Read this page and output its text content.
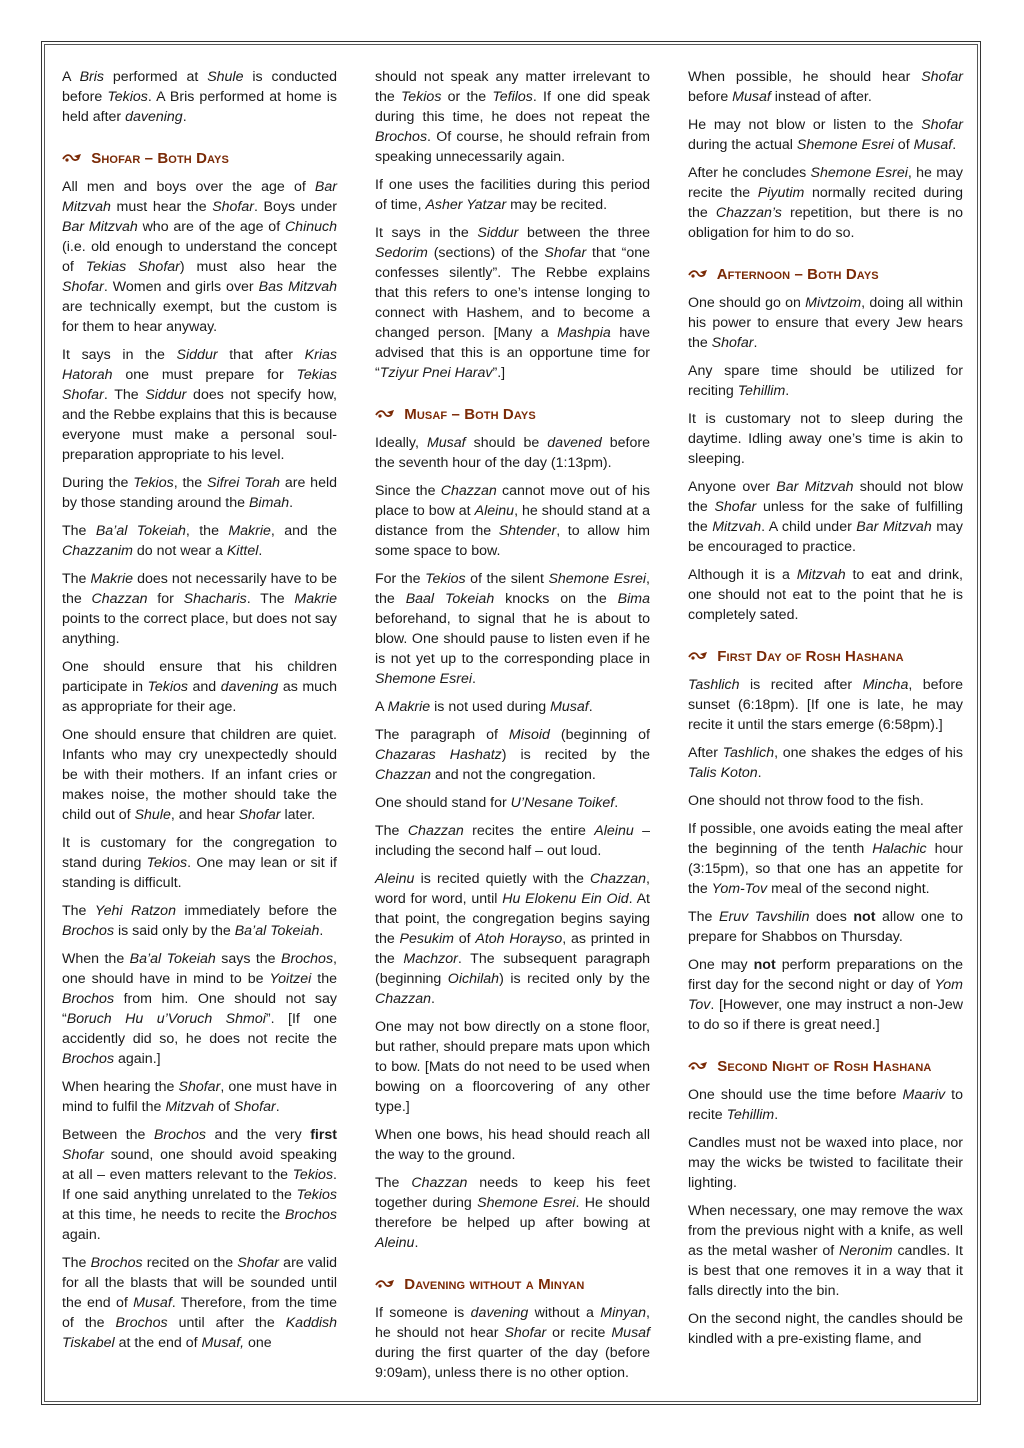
A Bris performed at Shule is conducted before Tekios. A Bris performed at home is held after davening.

Shofar – Both Days

All men and boys over the age of Bar Mitzvah must hear the Shofar. Boys under Bar Mitzvah who are of the age of Chinuch (i.e. old enough to understand the concept of Tekias Shofar) must also hear the Shofar. Women and girls over Bas Mitzvah are technically exempt, but the custom is for them to hear anyway.

It says in the Siddur that after Krias Hatorah one must prepare for Tekias Shofar. The Siddur does not specify how, and the Rebbe explains that this is because everyone must make a personal soul-preparation appropriate to his level.

During the Tekios, the Sifrei Torah are held by those standing around the Bimah.

The Ba’al Tokeiah, the Makrie, and the Chazzanim do not wear a Kittel.

The Makrie does not necessarily have to be the Chazzan for Shacharis. The Makrie points to the correct place, but does not say anything.

One should ensure that his children participate in Tekios and davening as much as appropriate for their age.

One should ensure that children are quiet. Infants who may cry unexpectedly should be with their mothers. If an infant cries or makes noise, the mother should take the child out of Shule, and hear Shofar later.

It is customary for the congregation to stand during Tekios. One may lean or sit if standing is difficult.

The Yehi Ratzon immediately before the Brochos is said only by the Ba’al Tokeiah.

When the Ba’al Tokeiah says the Brochos, one should have in mind to be Yoitzei the Brochos from him. One should not say “Boruch Hu u’Voruch Shmoi”. [If one accidently did so, he does not recite the Brochos again.]

When hearing the Shofar, one must have in mind to fulfil the Mitzvah of Shofar.

Between the Brochos and the very first Shofar sound, one should avoid speaking at all – even matters relevant to the Tekios. If one said anything unrelated to the Tekios at this time, he needs to recite the Brochos again.

The Brochos recited on the Shofar are valid for all the blasts that will be sounded until the end of Musaf. Therefore, from the time of the Brochos until after the Kaddish Tiskabel at the end of Musaf, one

should not speak any matter irrelevant to the Tekios or the Tefilos. If one did speak during this time, he does not repeat the Brochos. Of course, he should refrain from speaking unnecessarily again.

If one uses the facilities during this period of time, Asher Yatzar may be recited.

It says in the Siddur between the three Sedorim (sections) of the Shofar that “one confesses silently”. The Rebbe explains that this refers to one’s intense longing to connect with Hashem, and to become a changed person. [Many a Mashpia have advised that this is an opportune time for “Tziyur Pnei Harav”.]

Musaf – Both Days

Ideally, Musaf should be davened before the seventh hour of the day (1:13pm).

Since the Chazzan cannot move out of his place to bow at Aleinu, he should stand at a distance from the Shtender, to allow him some space to bow.

For the Tekios of the silent Shemone Esrei, the Baal Tokeiah knocks on the Bima beforehand, to signal that he is about to blow. One should pause to listen even if he is not yet up to the corresponding place in Shemone Esrei.

A Makrie is not used during Musaf.

The paragraph of Misoid (beginning of Chazaras Hashatz) is recited by the Chazzan and not the congregation.

One should stand for U’Nesane Toikef.

The Chazzan recites the entire Aleinu – including the second half – out loud.

Aleinu is recited quietly with the Chazzan, word for word, until Hu Elokenu Ein Oid. At that point, the congregation begins saying the Pesukim of Atoh Horayso, as printed in the Machzor. The subsequent paragraph (beginning Oichilah) is recited only by the Chazzan.

One may not bow directly on a stone floor, but rather, should prepare mats upon which to bow. [Mats do not need to be used when bowing on a floorcovering of any other type.]

When one bows, his head should reach all the way to the ground.

The Chazzan needs to keep his feet together during Shemone Esrei. He should therefore be helped up after bowing at Aleinu.

Davening without a Minyan

If someone is davening without a Minyan, he should not hear Shofar or recite Musaf during the first quarter of the day (before 9:09am), unless there is no other option.

When possible, he should hear Shofar before Musaf instead of after.

He may not blow or listen to the Shofar during the actual Shemone Esrei of Musaf.

After he concludes Shemone Esrei, he may recite the Piyutim normally recited during the Chazzan’s repetition, but there is no obligation for him to do so.

Afternoon – Both Days

One should go on Mivtzoim, doing all within his power to ensure that every Jew hears the Shofar.

Any spare time should be utilized for reciting Tehillim.

It is customary not to sleep during the daytime. Idling away one’s time is akin to sleeping.

Anyone over Bar Mitzvah should not blow the Shofar unless for the sake of fulfilling the Mitzvah. A child under Bar Mitzvah may be encouraged to practice.

Although it is a Mitzvah to eat and drink, one should not eat to the point that he is completely sated.

First Day of Rosh Hashana

Tashlich is recited after Mincha, before sunset (6:18pm). [If one is late, he may recite it until the stars emerge (6:58pm).]

After Tashlich, one shakes the edges of his Talis Koton.

One should not throw food to the fish.

If possible, one avoids eating the meal after the beginning of the tenth Halachic hour (3:15pm), so that one has an appetite for the Yom-Tov meal of the second night.

The Eruv Tavshilin does not allow one to prepare for Shabbos on Thursday.

One may not perform preparations on the first day for the second night or day of Yom Tov. [However, one may instruct a non-Jew to do so if there is great need.]

Second Night of Rosh Hashana

One should use the time before Maariv to recite Tehillim.

Candles must not be waxed into place, nor may the wicks be twisted to facilitate their lighting.

When necessary, one may remove the wax from the previous night with a knife, as well as the metal washer of Neronim candles. It is best that one removes it in a way that it falls directly into the bin.

On the second night, the candles should be kindled with a pre-existing flame, and
